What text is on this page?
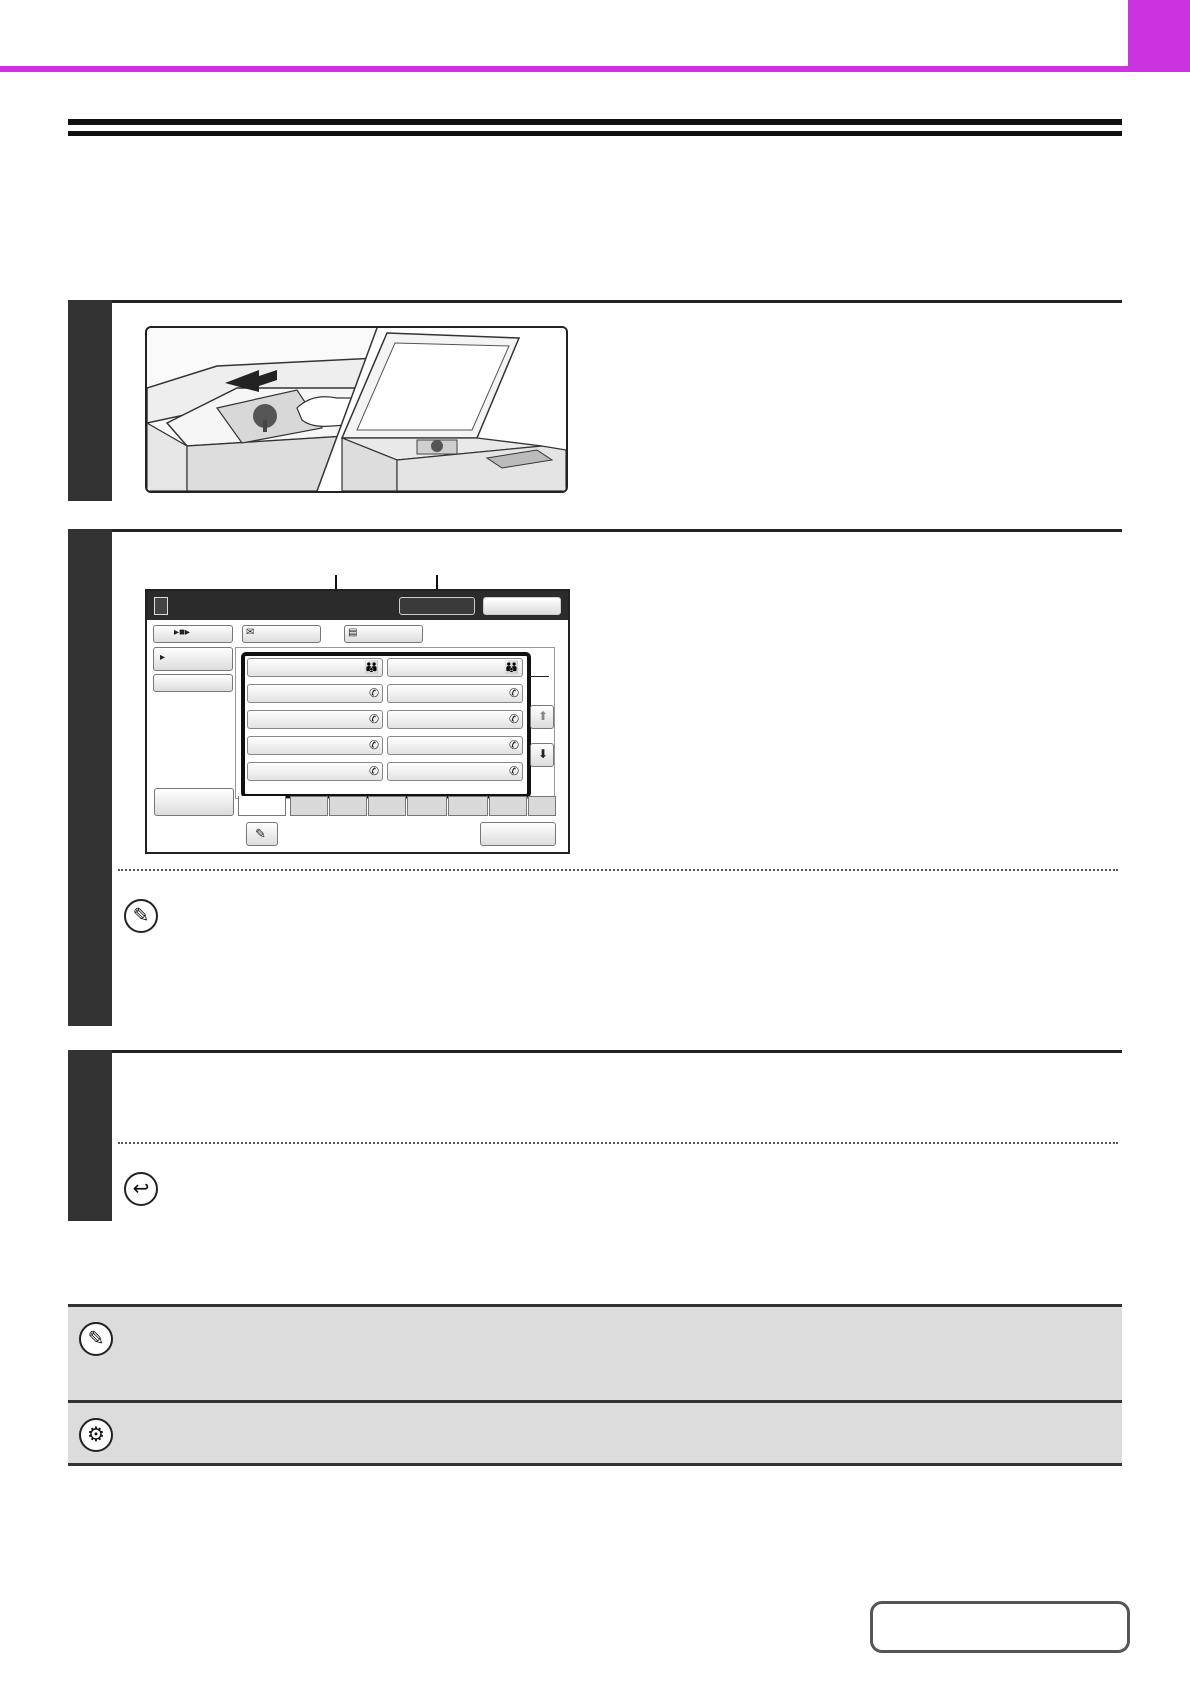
▸■▸
▸
✉	▤
👪	👪
✆	✆
✆	✆
✆	✆
✆	✆
⬆
⬇
✎
✎
↩
✎
⚙
